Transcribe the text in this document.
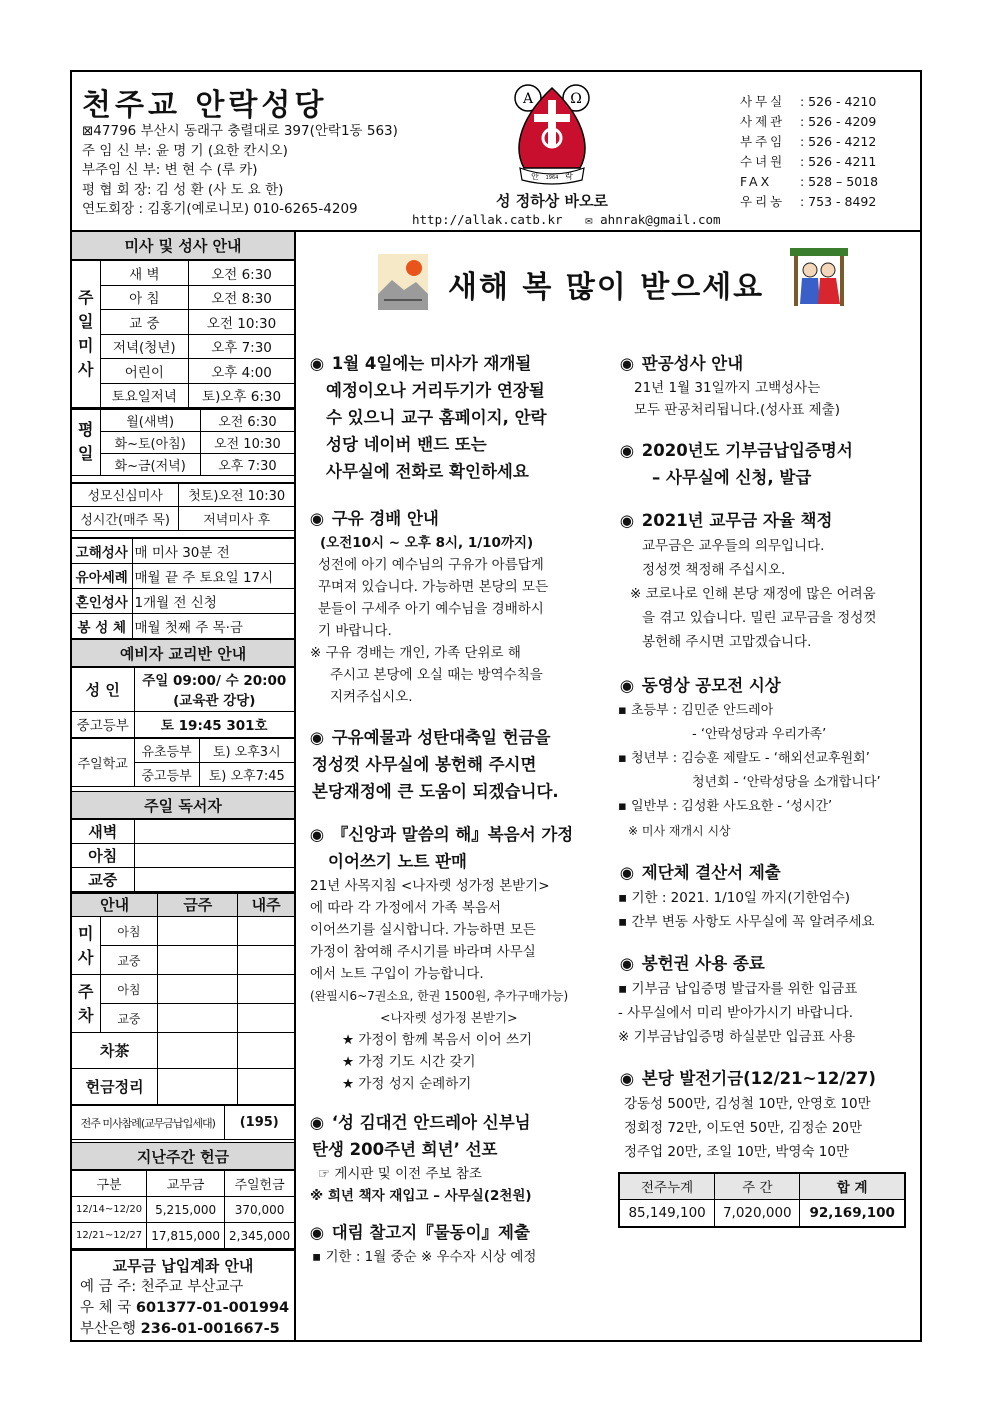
천주교 안락성당
⊠47796 부산시 동래구 충렬대로 397(안락1동 563)
주 임 신 부: 윤 명 기 (요한 칸시오)
부주임 신 부: 변 현 수 (루 카)
평 협 회 장: 김 성 환 (사 도 요 한)
연도회장 : 김홍기(예로니모) 010-6265-4209
Α	Ω
안 1964 락
성 정하상 바오로
http://allak.catb.kr ✉ ahnrak@gmail.com
사무실	: 526 - 4210
사제관	: 526 - 4209
부주임	: 526 - 4212
수녀원	: 526 - 4211
FAX	: 528 – 5018
우리농	: 753 - 8492
미사 및 성사 안내
주
일
미
사	새 벽	오전 6:30
	아 침	오전 8:30
	교 중	오전 10:30
	저녁(청년)	오후 7:30
	어린이	오후 4:00
	토요일저녁	토)오후 6:30
평
일	월(새벽)	오전 6:30
	화~토(아침)	오전 10:30
	화~금(저녁)	오후 7:30
성모신심미사	첫토)오전 10:30
성시간(매주 목)	저녁미사 후
고해성사	매 미사 30분 전
유아세례	매월 끝 주 토요일 17시
혼인성사	1개월 전 신청
봉 성 체	매월 첫째 주 목·금
예비자 교리반 안내
성 인	주일 09:00/ 수 20:00
(교육관 강당)

중고등부	토 19:45 301호
주일학교	유초등부	토) 오후3시
	중고등부	토) 오후7:45
주일 독서자
새벽	
아침	
교중	
안내		금주	내주

미
사	아침		
	교중		

주
차	아침		
	교중		
차茶			
헌금정리			
전주 미사참례(교무금납입세대)	(195)
지난주간 헌금
구분	교무금	주일헌금
12/14~12/20	5,215,000	370,000
12/21~12/27	17,815,000	2,345,000
교무금 납입계좌 안내
예 금 주: 천주교 부산교구
우 체 국 601377-01-001994
부산은행 236-01-001667-5
새해 복 많이 받으세요
◉ 1월 4일에는 미사가 재개될
예정이오나 거리두기가 연장될
수 있으니 교구 홈페이지, 안락
성당 네이버 밴드 또는
사무실에 전화로 확인하세요
◉ 구유 경배 안내
(오전10시 ~ 오후 8시, 1/10까지)
성전에 아기 예수님의 구유가 아름답게
꾸며져 있습니다. 가능하면 본당의 모든
분들이 구세주 아기 예수님을 경배하시
기 바랍니다.
※ 구유 경배는 개인, 가족 단위로 해
주시고 본당에 오실 때는 방역수칙을
지켜주십시오.
◉ 구유예물과 성탄대축일 헌금을
정성껏 사무실에 봉헌해 주시면
본당재정에 큰 도움이 되겠습니다.
◉ 『신앙과 말씀의 해』복음서 가정
이어쓰기 노트 판매
21년 사목지침 <나자렛 성가정 본받기>
에 따라 각 가정에서 가족 복음서
이어쓰기를 실시합니다. 가능하면 모든
가정이 참여해 주시기를 바라며 사무실
에서 노트 구입이 가능합니다.
(완필시6~7권소요, 한권 1500원, 추가구매가능)
<나자렛 성가정 본받기>
★ 가정이 함께 복음서 이어 쓰기
★ 가정 기도 시간 갖기
★ 가정 성지 순례하기
◉ ‘성 김대건 안드레아 신부님
탄생 200주년 희년’ 선포
☞ 게시판 및 이전 주보 참조
※ 희년 책자 재입고 – 사무실(2천원)
◉ 대림 찰고지『물동이』제출
▪ 기한 : 1월 중순 ※ 우수자 시상 예정
◉ 판공성사 안내
21년 1월 31일까지 고백성사는
모두 판공처리됩니다.(성사표 제출)
◉ 2020년도 기부금납입증명서
– 사무실에 신청, 발급
◉ 2021년 교무금 자율 책정
교무금은 교우들의 의무입니다.
정성껏 책정해 주십시오.
※ 코로나로 인해 본당 재정에 많은 어려움
을 겪고 있습니다. 밀린 교무금을 정성껏
봉헌해 주시면 고맙겠습니다.
◉ 동영상 공모전 시상
▪ 초등부 : 김민준 안드레아
- ‘안락성당과 우리가족’
▪ 청년부 : 김승훈 제랄도 - ‘해외선교후원회’
청년회 - ‘안락성당을 소개합니다’
▪ 일반부 : 김성환 사도요한 - ‘성시간’
※ 미사 재개시 시상
◉ 제단체 결산서 제출
▪ 기한 : 2021. 1/10일 까지(기한엄수)
▪ 간부 변동 사항도 사무실에 꼭 알려주세요
◉ 봉헌권 사용 종료
▪ 기부금 납입증명 발급자를 위한 입금표
- 사무실에서 미리 받아가시기 바랍니다.
※ 기부금납입증명 하실분만 입금표 사용
◉ 본당 발전기금(12/21~12/27)
강동성 500만, 김성철 10만, 안영호 10만
정회정 72만, 이도연 50만, 김정순 20만
정주업 20만, 조일 10만, 박영숙 10만
전주누계	주 간	합 계
85,149,100	7,020,000	92,169,100
